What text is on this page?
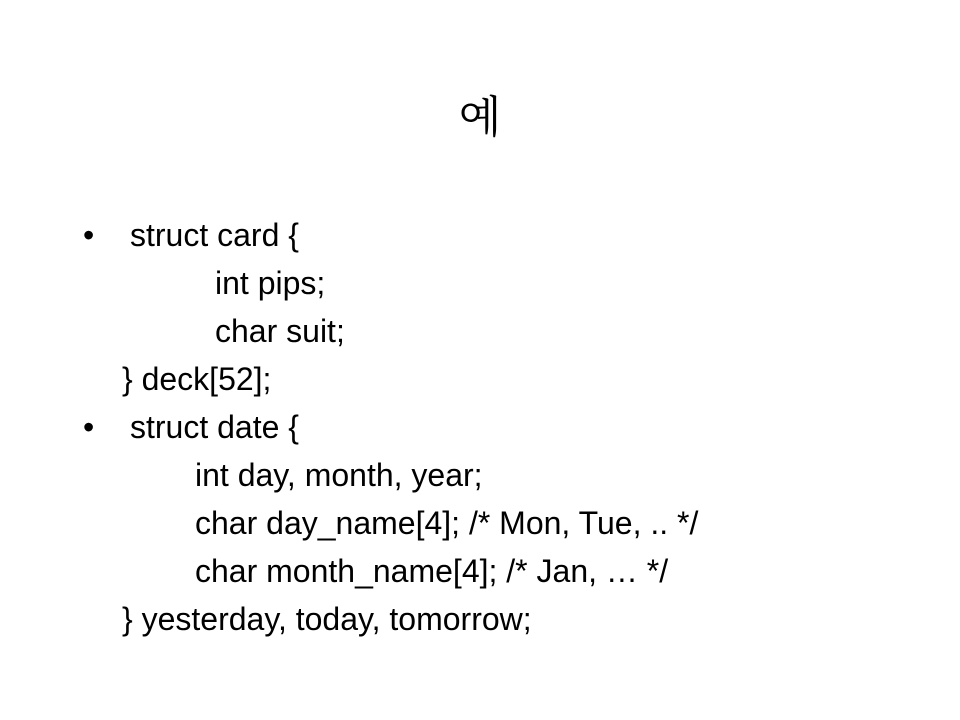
예
• struct card {
int pips;
char suit;
} deck[52];
• struct date {
int day, month, year;
char day_name[4]; /* Mon, Tue, .. */
char month_name[4]; /* Jan, … */
} yesterday, today, tomorrow;
